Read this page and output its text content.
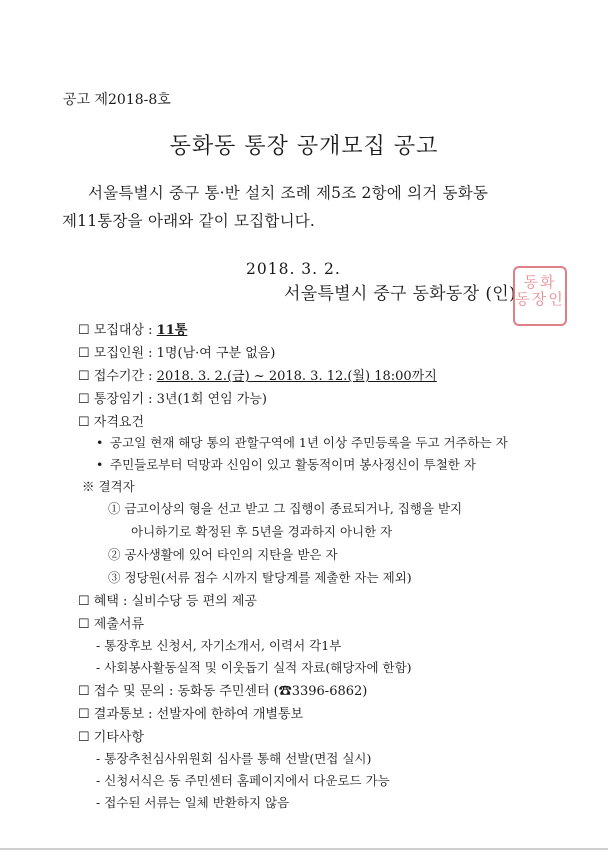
공고 제2018-8호
동화동 통장 공개모집 공고
서울특별시 중구 통·반 설치 조례 제5조 2항에 의거 동화동
제11통장을 아래와 같이 모집합니다.
2018. 3. 2.
서울특별시 중구 동화동장 (인)
동화
동장인
☐ 모집대상 : 11통
☐ 모집인원 : 1명(남·여 구분 없음)
☐ 접수기간 : 2018. 3. 2.(금) ~ 2018. 3. 12.(월) 18:00까지
☐ 통장임기 : 3년(1회 연임 가능)
☐ 자격요건
• 공고일 현재 해당 통의 관할구역에 1년 이상 주민등록을 두고 거주하는 자
• 주민들로부터 덕망과 신임이 있고 활동적이며 봉사정신이 투철한 자
※ 결격자
① 금고이상의 형을 선고 받고 그 집행이 종료되거나, 집행을 받지
아니하기로 확정된 후 5년을 경과하지 아니한 자
② 공사생활에 있어 타인의 지탄을 받은 자
③ 정당원(서류 접수 시까지 탈당계를 제출한 자는 제외)
☐ 혜택 : 실비수당 등 편의 제공
☐ 제출서류
- 통장후보 신청서, 자기소개서, 이력서 각1부
- 사회봉사활동실적 및 이웃돕기 실적 자료(해당자에 한함)
☐ 접수 및 문의 : 동화동 주민센터 (☎3396-6862)
☐ 결과통보 : 선발자에 한하여 개별통보
☐ 기타사항
- 통장추천심사위원회 심사를 통해 선발(면접 실시)
- 신청서식은 동 주민센터 홈페이지에서 다운로드 가능
- 접수된 서류는 일체 반환하지 않음
